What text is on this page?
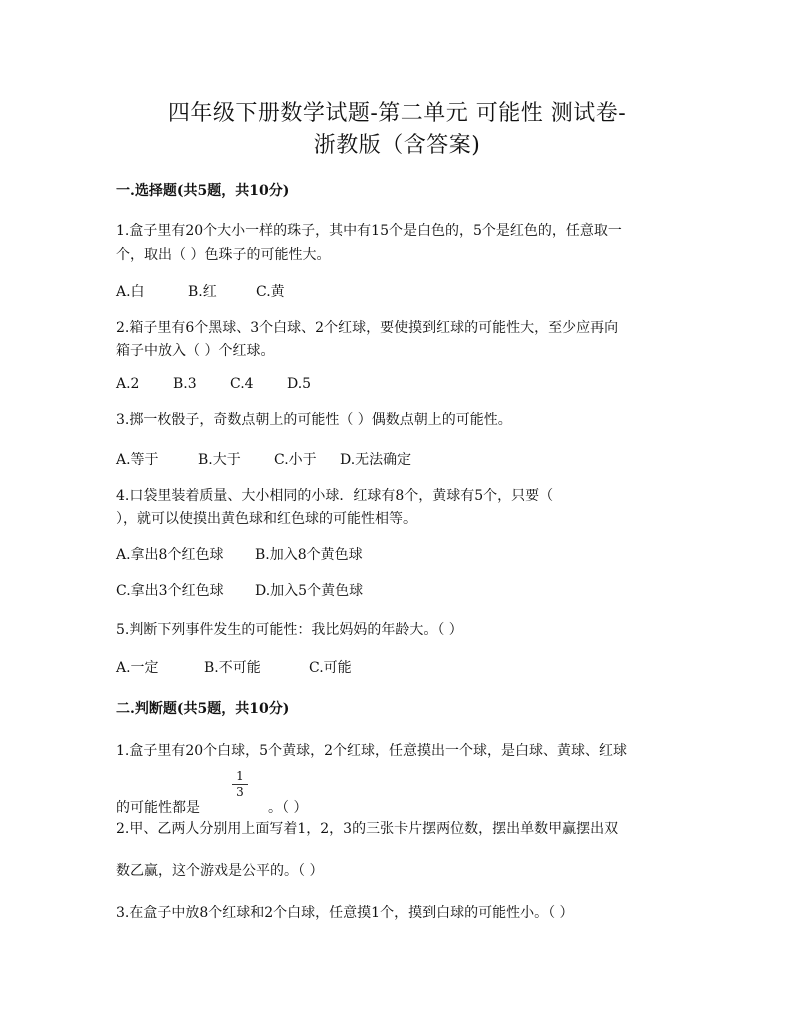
四年级下册数学试题-第二单元 可能性 测试卷-
浙教版（含答案)
一.选择题(共5题，共10分)
1.盒子里有20个大小一样的珠子，其中有15个是白色的，5个是红色的，任意取一
个，取出（ ）色珠子的可能性大。
A.白	B.红	C.黄
2.箱子里有6个黑球、3个白球、2个红球，要使摸到红球的可能性大，至少应再向
箱子中放入（ ）个红球。
A.2 B.3 C.4 D.5
3.掷一枚骰子，奇数点朝上的可能性（ ）偶数点朝上的可能性。
A.等于	B.大于 C.小于 D.无法确定
4.口袋里装着质量、大小相同的小球．红球有8个，黄球有5个，只要（
），就可以使摸出黄色球和红色球的可能性相等。
A.拿出8个红色球 B.加入8个黄色球
C.拿出3个红色球 D.加入5个黄色球
5.判断下列事件发生的可能性：我比妈妈的年龄大。（ ）
A.一定	B.不可能	C.可能
二.判断题(共5题，共10分)
1.盒子里有20个白球，5个黄球，2个红球，任意摸出一个球，是白球、黄球、红球
1
3
的可能性都是	。（ ）
2.甲、乙两人分别用上面写着1，2，3的三张卡片摆两位数，摆出单数甲赢摆出双
数乙赢，这个游戏是公平的。（ ）
3.在盒子中放8个红球和2个白球，任意摸1个，摸到白球的可能性小。（ ）
